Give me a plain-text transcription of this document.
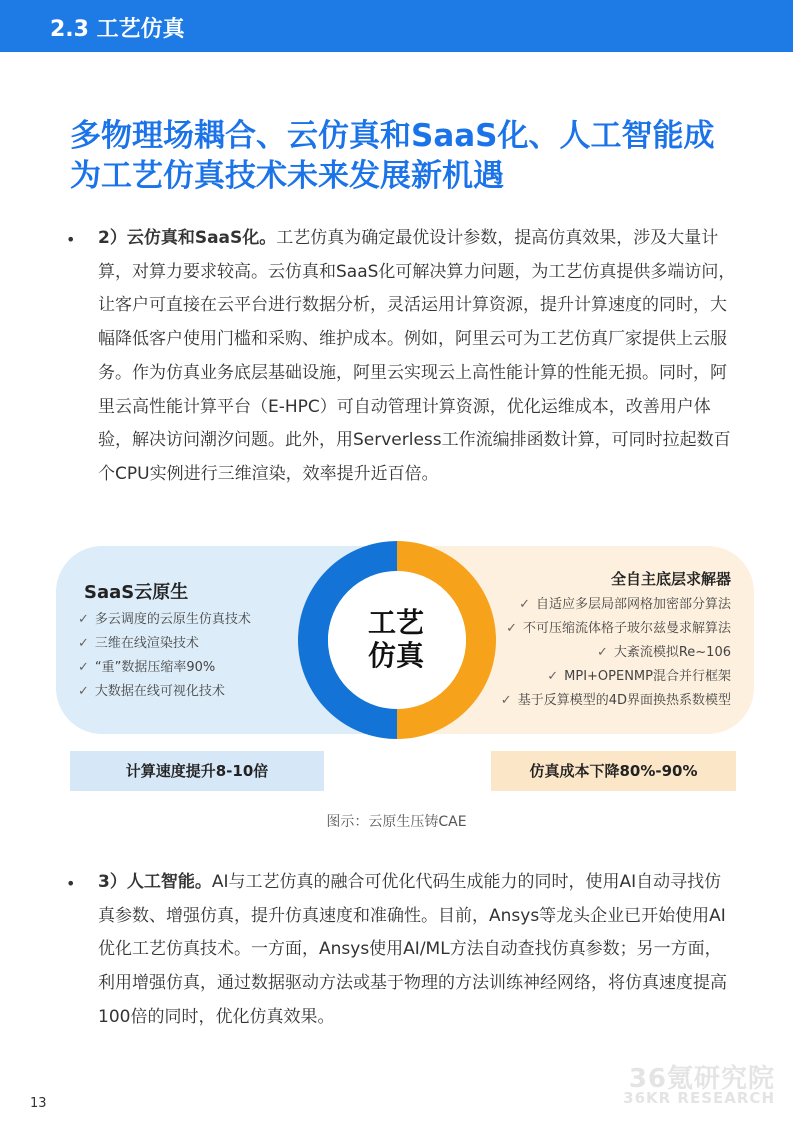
2.3 工艺仿真
多物理场耦合、云仿真和SaaS化、人工智能成
为工艺仿真技术未来发展新机遇
• 2）云仿真和SaaS化。工艺仿真为确定最优设计参数，提高仿真效果，涉及大量计算，对算力要求较高。云仿真和SaaS化可解决算力问题，为工艺仿真提供多端访问，让客户可直接在云平台进行数据分析，灵活运用计算资源，提升计算速度的同时，大幅降低客户使用门槛和采购、维护成本。例如，阿里云可为工艺仿真厂家提供上云服务。作为仿真业务底层基础设施，阿里云实现云上高性能计算的性能无损。同时，阿里云高性能计算平台（E-HPC）可自动管理计算资源，优化运维成本，改善用户体验，解决访问潮汐问题。此外，用Serverless工作流编排函数计算，可同时拉起数百个CPU实例进行三维渲染，效率提升近百倍。
SaaS云原生
✓ 多云调度的云原生仿真技术
✓ 三维在线渲染技术
✓ “重”数据压缩率90%
✓ 大数据在线可视化技术
全自主底层求解器
✓ 自适应多层局部网格加密部分算法
✓ 不可压缩流体格子玻尔兹曼求解算法
✓ 大紊流模拟Re~106
✓ MPI+OPENMP混合并行框架
✓ 基于反算模型的4D界面换热系数模型
工艺
仿真
计算速度提升8-10倍	仿真成本下降80%-90%
图示：云原生压铸CAE
• 3）人工智能。AI与工艺仿真的融合可优化代码生成能力的同时，使用AI自动寻找仿真参数、增强仿真，提升仿真速度和准确性。目前，Ansys等龙头企业已开始使用AI优化工艺仿真技术。一方面，Ansys使用AI/ML方法自动查找仿真参数；另一方面，利用增强仿真，通过数据驱动方法或基于物理的方法训练神经网络，将仿真速度提高100倍的同时，优化仿真效果。
36氪研究院
36KR RESEARCH
13
